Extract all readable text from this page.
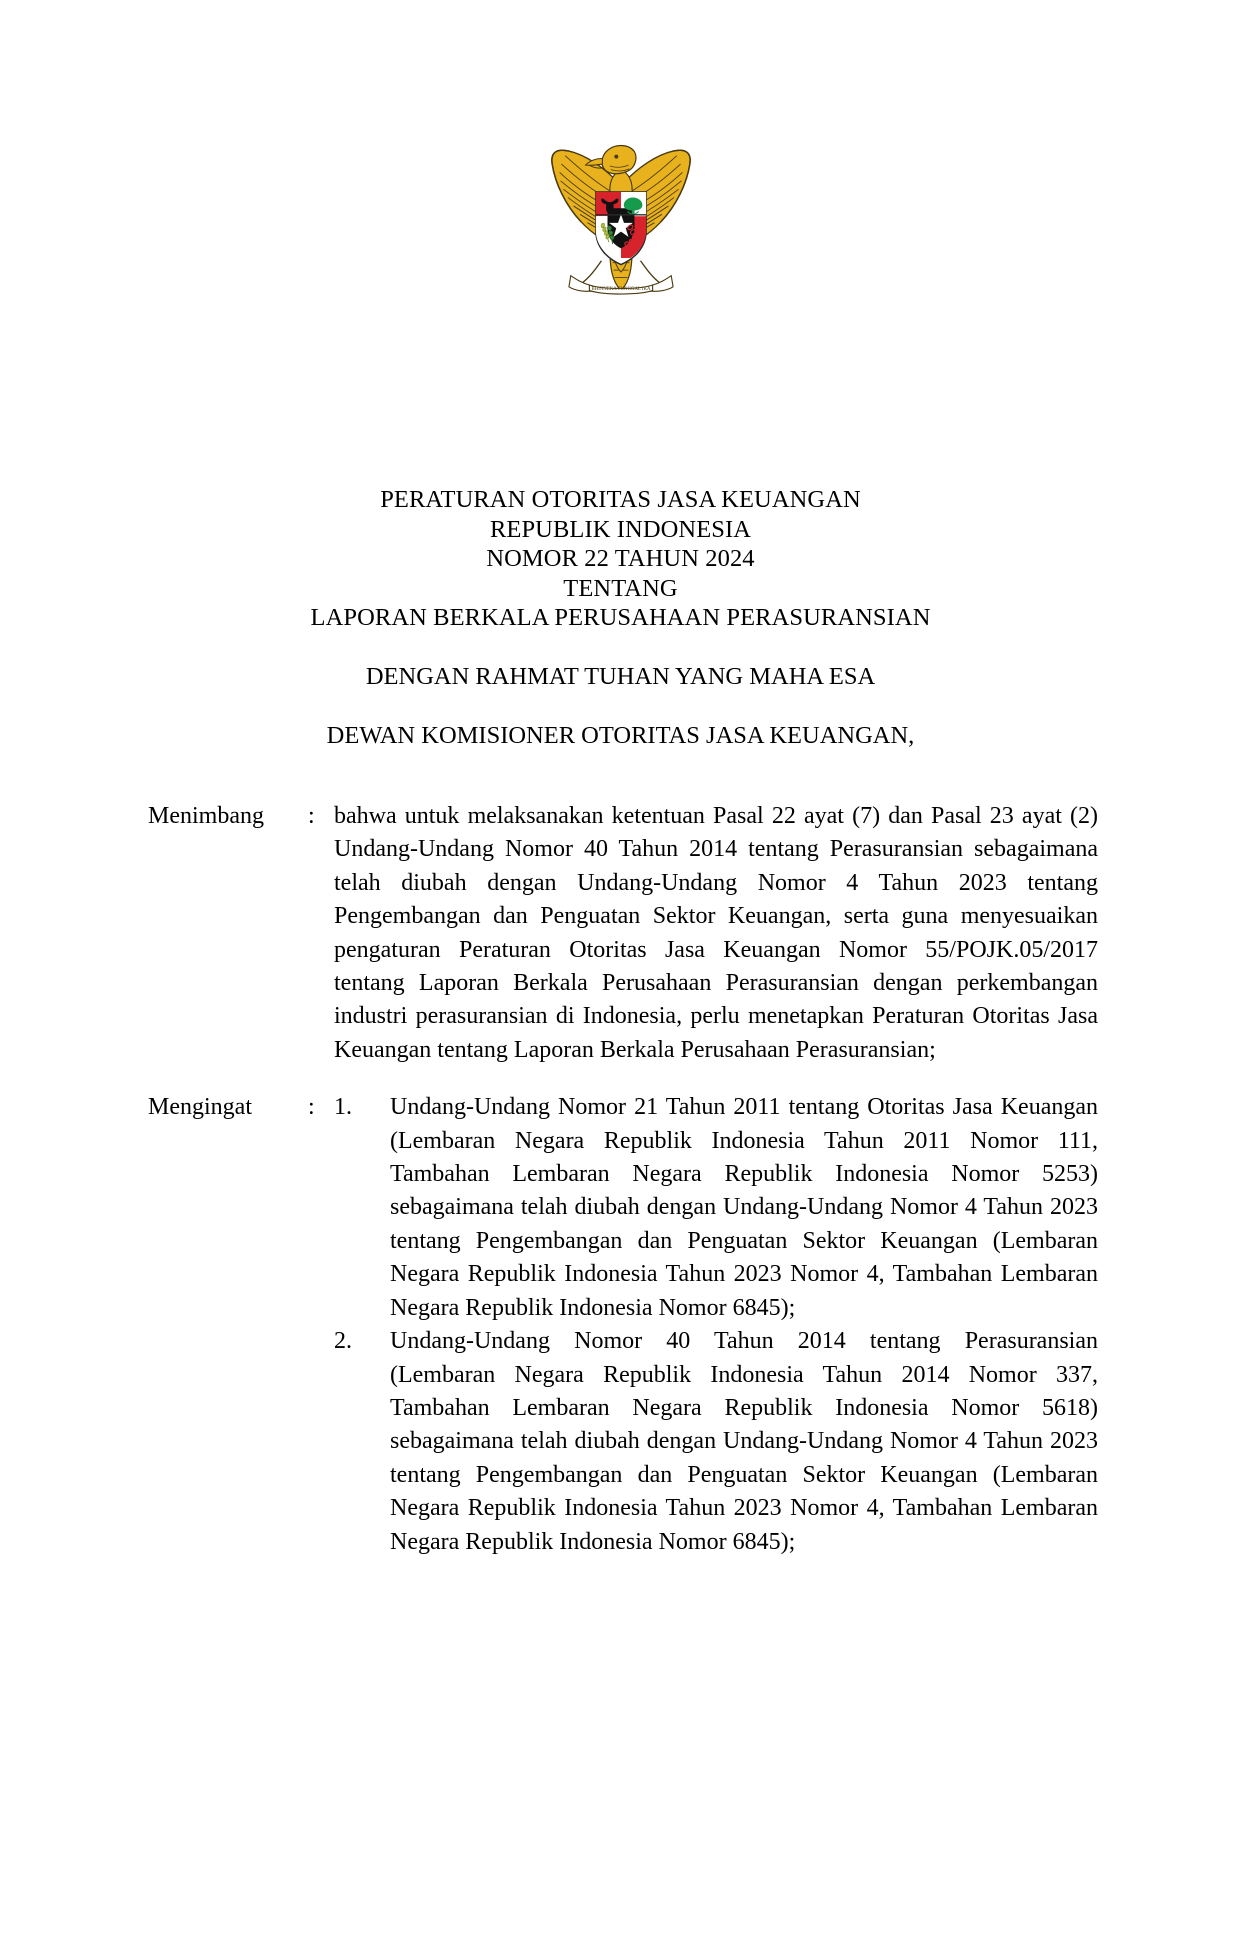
BHINNEKA TUNGGAL IKA
PERATURAN OTORITAS JASA KEUANGAN
REPUBLIK INDONESIA
NOMOR 22 TAHUN 2024
TENTANG
LAPORAN BERKALA PERUSAHAAN PERASURANSIAN
DENGAN RAHMAT TUHAN YANG MAHA ESA
DEWAN KOMISIONER OTORITAS JASA KEUANGAN,
Menimbang	: bahwa untuk melaksanakan ketentuan Pasal 22 ayat (7) dan Pasal 23 ayat (2) Undang-Undang Nomor 40 Tahun 2014 tentang Perasuransian sebagaimana telah diubah dengan Undang-Undang Nomor 4 Tahun 2023 tentang Pengembangan dan Penguatan Sektor Keuangan, serta guna menyesuaikan pengaturan Peraturan Otoritas Jasa Keuangan Nomor 55/POJK.05/2017 tentang Laporan Berkala Perusahaan Perasuransian dengan perkembangan industri perasuransian di Indonesia, perlu menetapkan Peraturan Otoritas Jasa Keuangan tentang Laporan Berkala Perusahaan Perasuransian;

Mengingat	: 1.	Undang-Undang Nomor 21 Tahun 2011 tentang Otoritas Jasa Keuangan (Lembaran Negara Republik Indonesia Tahun 2011 Nomor 111, Tambahan Lembaran Negara Republik Indonesia Nomor 5253) sebagaimana telah diubah dengan Undang-Undang Nomor 4 Tahun 2023 tentang Pengembangan dan Penguatan Sektor Keuangan (Lembaran Negara Republik Indonesia Tahun 2023 Nomor 4, Tambahan Lembaran Negara Republik Indonesia Nomor 6845);
2.	Undang-Undang Nomor 40 Tahun 2014 tentang Perasuransian (Lembaran Negara Republik Indonesia Tahun 2014 Nomor 337, Tambahan Lembaran Negara Republik Indonesia Nomor 5618) sebagaimana telah diubah dengan Undang-Undang Nomor 4 Tahun 2023 tentang Pengembangan dan Penguatan Sektor Keuangan (Lembaran Negara Republik Indonesia Tahun 2023 Nomor 4, Tambahan Lembaran Negara Republik Indonesia Nomor 6845);
